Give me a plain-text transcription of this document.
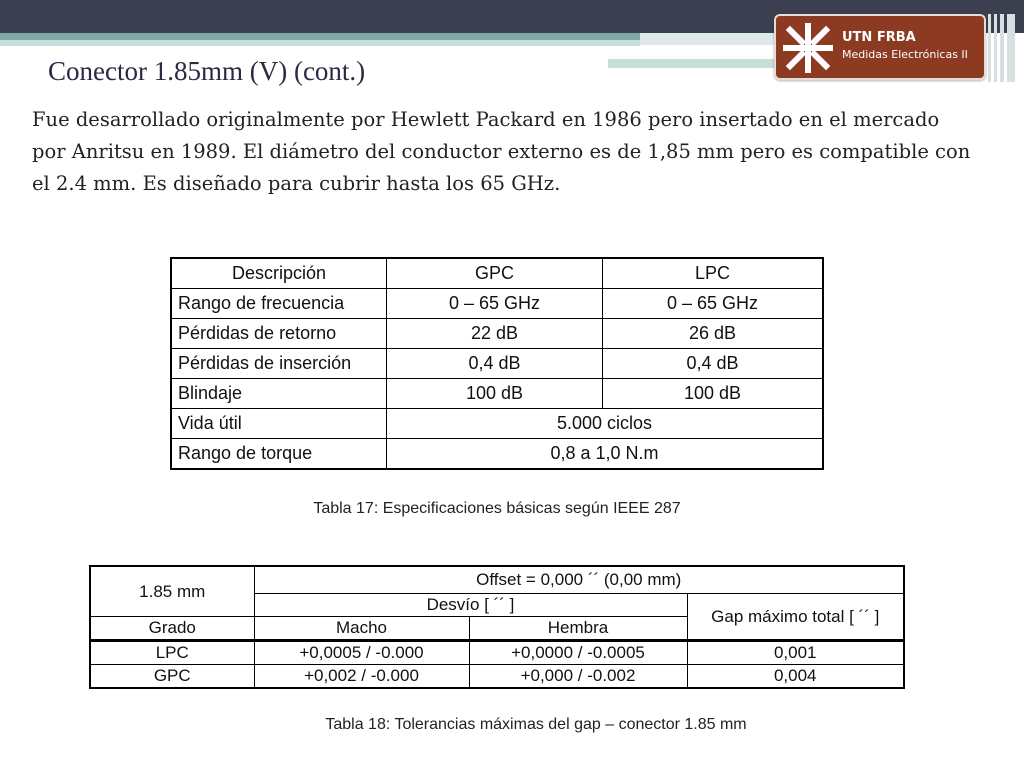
UTN FRBA
Medidas Electrónicas II
Conector 1.85mm (V) (cont.)

Fue desarrollado originalmente por Hewlett Packard en 1986 pero insertado en el mercado por Anritsu en 1989. El diámetro del conductor externo es de 1,85 mm pero es compatible con el 2.4 mm. Es diseñado para cubrir hasta los 65 GHz.

Descripción	GPC	LPC
Rango de frecuencia	0 – 65 GHz	0 – 65 GHz
Pérdidas de retorno	22 dB	26 dB
Pérdidas de inserción	0,4 dB	0,4 dB
Blindaje	100 dB	100 dB
Vida útil	5.000 ciclos	
Rango de torque	0,8 a 1,0 N.m	

Tabla 17: Especificaciones básicas según IEEE 287

1.85 mm	Offset = 0,000 ´´ (0,00 mm)		
	Desvío [ ´´ ]		Gap máximo total [ ´´ ]
Grado	Macho	Hembra	
LPC	+0,0005 / -0.000	+0,0000 / -0.0005	0,001
GPC	+0,002 / -0.000	+0,000 / -0.002	0,004

Tabla 18: Tolerancias máximas del gap – conector 1.85 mm
